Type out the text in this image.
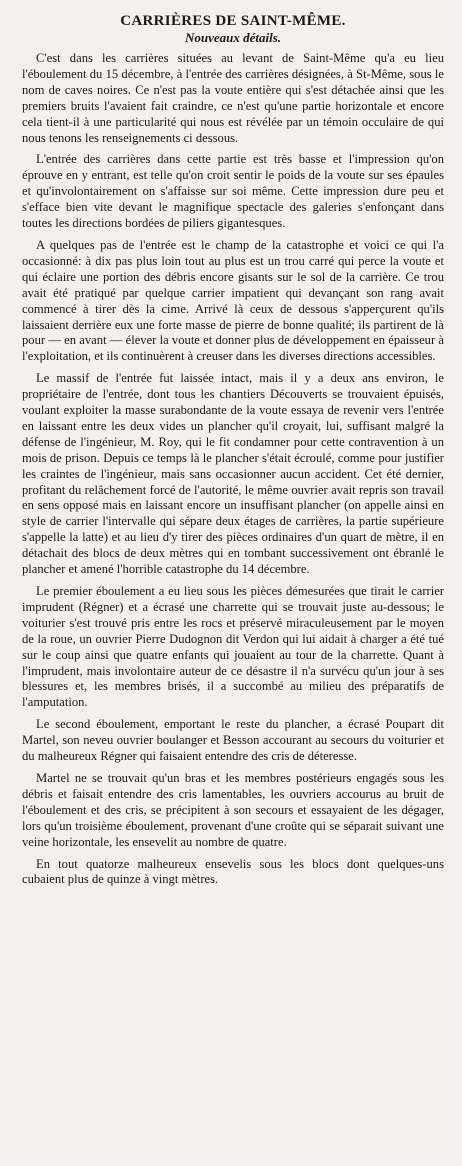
CARRIÈRES DE SAINT-MÊME.
Nouveaux détails.

C'est dans les carrières situées au levant de Saint-Même qu'a eu lieu l'éboulement du 15 décembre, à l'entrée des carrières désignées, à St-Même, sous le nom de caves noires. Ce n'est pas la voute entière qui s'est détachée ainsi que les premiers bruits l'avaient fait craindre, ce n'est qu'une partie horizontale et encore cela tient-il à une particularité qui nous est révélée par un témoin occulaire de qui nous tenons les renseignements ci dessous.

L'entrée des carrières dans cette partie est très basse et l'impression qu'on éprouve en y entrant, est telle qu'on croit sentir le poids de la voute sur ses épaules et qu'involontairement on s'affaisse sur soi même. Cette impression dure peu et s'efface bien vite devant le magnifique spectacle des galeries s'enfonçant dans toutes les directions bordées de piliers gigantesques.

A quelques pas de l'entrée est le champ de la catastrophe et voici ce qui l'a occasionné: à dix pas plus loin tout au plus est un trou carré qui perce la voute et qui éclaire une portion des débris encore gisants sur le sol de la carrière. Ce trou avait été pratiqué par quelque carrier impatient qui devançant son rang avait commencé à tirer dès la cime. Arrivé là ceux de dessous s'apperçurent qu'ils laissaient derrière eux une forte masse de pierre de bonne qualité; ils partirent de là pour — en avant — élever la voute et donner plus de développement en épaisseur à l'exploitation, et ils continuèrent à creuser dans les diverses directions accessibles.

Le massif de l'entrée fut laissée intact, mais il y a deux ans environ, le propriétaire de l'entrée, dont tous les chantiers Découverts se trouvaient épuisés, voulant exploiter la masse surabondante de la voute essaya de revenir vers l'entrée en laissant entre les deux vides un plancher qu'il croyait, lui, suffisant malgré la défense de l'ingénieur, M. Roy, qui le fit condamner pour cette contravention à un mois de prison. Depuis ce temps là le plancher s'était écroulé, comme pour justifier les craintes de l'ingénieur, mais sans occasionner aucun accident. Cet été dernier, profitant du relâchement forcé de l'autorité, le même ouvrier avait repris son travail en sens opposé mais en laissant encore un insuffisant plancher (on appelle ainsi en style de carrier l'intervalle qui sépare deux étages de carrières, la partie supérieure s'appelle la latte) et au lieu d'y tirer des pièces ordinaires d'un quart de mètre, il en détachait des blocs de deux mètres qui en tombant successivement ont ébranlé le plancher et amené l'horrible catastrophe du 14 décembre.

Le premier éboulement a eu lieu sous les pièces démesurées que tirait le carrier imprudent (Régner) et a écrasé une charrette qui se trouvait juste au-dessous; le voiturier s'est trouvé pris entre les rocs et préservé miraculeusement par le moyen de la roue, un ouvrier Pierre Dudognon dit Verdon qui lui aidait à charger a été tué sur le coup ainsi que quatre enfants qui jouaient au tour de la charrette. Quant à l'imprudent, mais involontaire auteur de ce désastre il n'a survécu qu'un jour à ses blessures et, les membres brisés, il a succombé au milieu des préparatifs de l'amputation.

Le second éboulement, emportant le reste du plancher, a écrasé Poupart dit Martel, son neveu ouvrier boulanger et Besson accourant au secours du voiturier et du malheureux Régner qui faisaient entendre des cris de déteresse.

Martel ne se trouvait qu'un bras et les membres postérieurs engagés sous les débris et faisait entendre des cris lamentables, les ouvriers accourus au bruit de l'éboulement et des cris, se précipitent à son secours et essayaient de les dégager, lors qu'un troisième éboulement, provenant d'une croûte qui se séparait suivant une veine horizontale, les ensevelit au nombre de quatre.

En tout quatorze malheureux ensevelis sous les blocs dont quelques-uns cubaient plus de quinze à vingt mètres.
